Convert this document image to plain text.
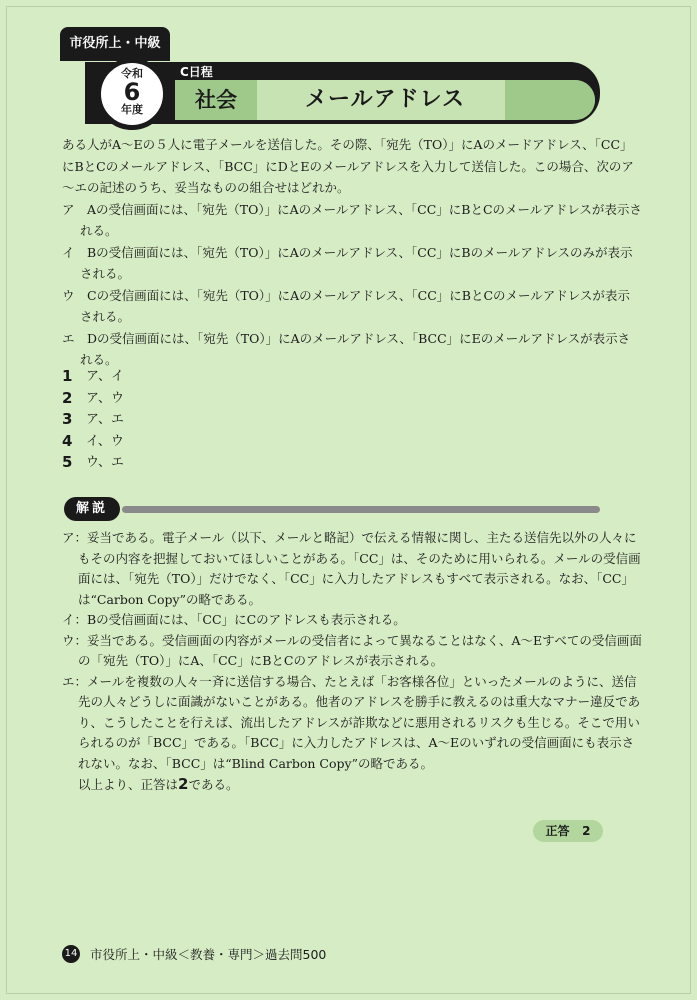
市役所上・中級
社会
C日程
メールアドレス
令和
6
年度

ある人がA～Eの５人に電子メールを送信した。その際、「宛先（TO）」にAのメードアドレス、「CC」にBとCのメールアドレス、「BCC」にDとEのメールアドレスを入力して送信した。この場合、次のア～エの記述のうち、妥当なものの組合せはどれか。

ア　Aの受信画面には、「宛先（TO）」にAのメールアドレス、「CC」にBとCのメールアドレスが表示される。

イ　Bの受信画面には、「宛先（TO）」にAのメールアドレス、「CC」にBのメールアドレスのみが表示される。

ウ　Cの受信画面には、「宛先（TO）」にAのメールアドレス、「CC」にBとCのメールアドレスが表示される。

エ　Dの受信画面には、「宛先（TO）」にAのメールアドレス、「BCC」にEのメールアドレスが表示される。

1	ア、イ
2	ア、ウ
3	ア、エ
4	イ、ウ
5	ウ、エ
解説

ア：妥当である。電子メール（以下、メールと略記）で伝える情報に関し、主たる送信先以外の人々にもその内容を把握しておいてほしいことがある。「CC」は、そのために用いられる。メールの受信画面には、「宛先（TO）」だけでなく、「CC」に入力したアドレスもすべて表示される。なお、「CC」は“Carbon Copy”の略である。

イ：Bの受信画面には、「CC」にCのアドレスも表示される。

ウ：妥当である。受信画面の内容がメールの受信者によって異なることはなく、A～Eすべての受信画面の「宛先（TO）」にA、「CC」にBとCのアドレスが表示される。

エ：メールを複数の人々一斉に送信する場合、たとえば「お客様各位」といったメールのように、送信先の人々どうしに面識がないことがある。他者のアドレスを勝手に教えるのは重大なマナー違反であり、こうしたことを行えば、流出したアドレスが詐欺などに悪用されるリスクも生じる。そこで用いられるのが「BCC」である。「BCC」に入力したアドレスは、A～Eのいずれの受信画面にも表示されない。なお、「BCC」は“Blind Carbon Copy”の略である。

以上より、正答は2である。

正答 2
14 市役所上・中級＜教養・専門＞過去問500
